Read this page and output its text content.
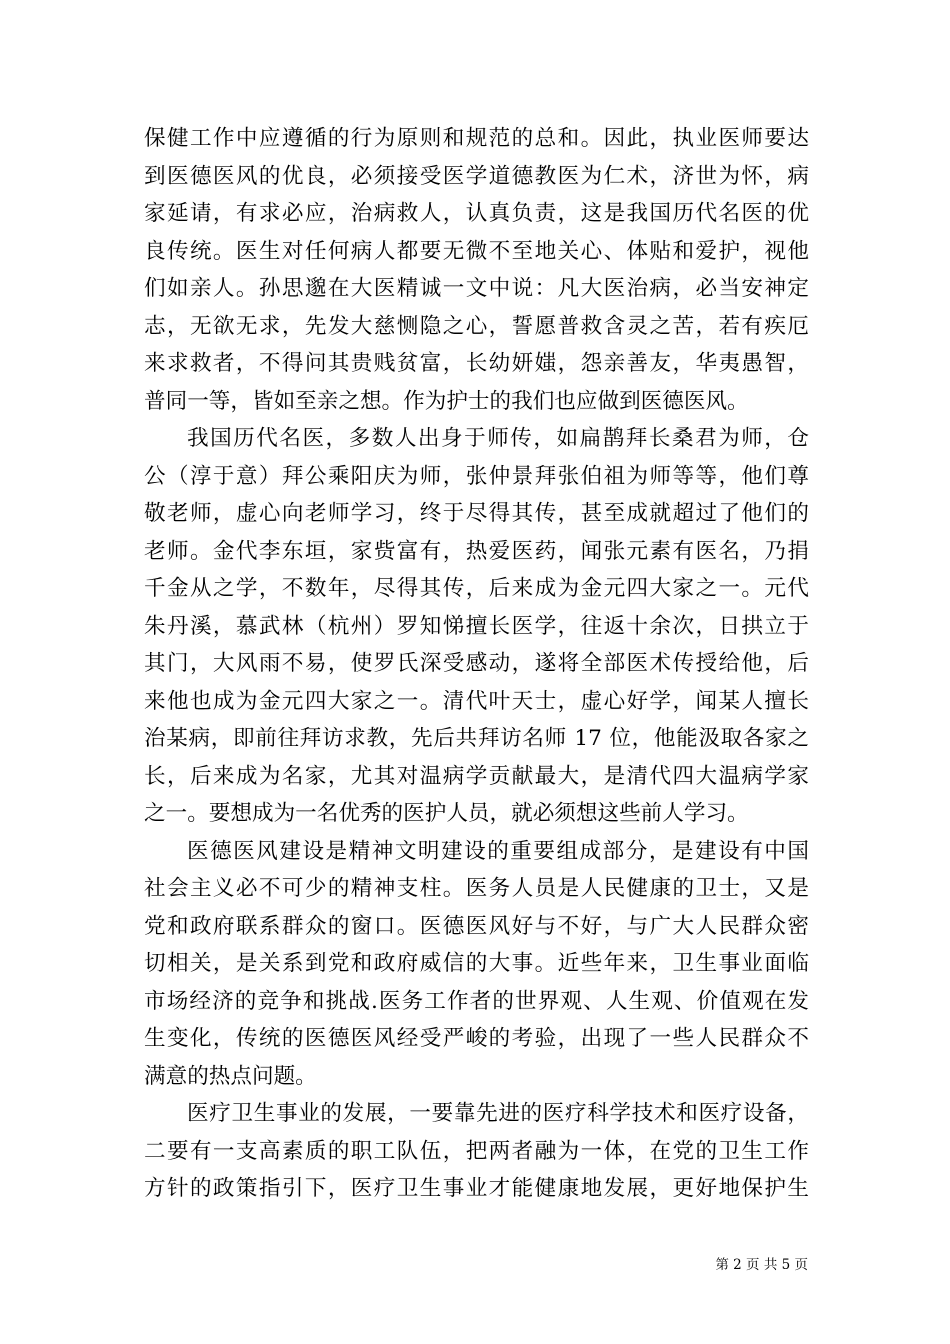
保健工作中应遵循的行为原则和规范的总和。因此，执业医师要达
到医德医风的优良，必须接受医学道德教医为仁术，济世为怀，病
家延请，有求必应，治病救人，认真负责，这是我国历代名医的优
良传统。医生对任何病人都要无微不至地关心、体贴和爱护，视他
们如亲人。孙思邈在大医精诚一文中说：凡大医治病，必当安神定
志，无欲无求，先发大慈恻隐之心，誓愿普救含灵之苦，若有疾厄
来求救者，不得问其贵贱贫富，长幼妍媸，怨亲善友，华夷愚智，
普同一等，皆如至亲之想。作为护士的我们也应做到医德医风。
我国历代名医，多数人出身于师传，如扁鹊拜长桑君为师，仓
公（淳于意）拜公乘阳庆为师，张仲景拜张伯祖为师等等，他们尊
敬老师，虚心向老师学习，终于尽得其传，甚至成就超过了他们的
老师。金代李东垣，家赀富有，热爱医药，闻张元素有医名，乃捐
千金从之学，不数年，尽得其传，后来成为金元四大家之一。元代
朱丹溪，慕武林（杭州）罗知悌擅长医学，往返十余次，日拱立于
其门，大风雨不易，使罗氏深受感动，遂将全部医术传授给他，后
来他也成为金元四大家之一。清代叶天士，虚心好学，闻某人擅长
治某病，即前往拜访求教，先后共拜访名师 17 位，他能汲取各家之
长，后来成为名家，尤其对温病学贡献最大，是清代四大温病学家
之一。要想成为一名优秀的医护人员，就必须想这些前人学习。
医德医风建设是精神文明建设的重要组成部分，是建设有中国
社会主义必不可少的精神支柱。医务人员是人民健康的卫士，又是
党和政府联系群众的窗口。医德医风好与不好，与广大人民群众密
切相关，是关系到党和政府威信的大事。近些年来，卫生事业面临
市场经济的竞争和挑战.医务工作者的世界观、人生观、价值观在发
生变化，传统的医德医风经受严峻的考验，出现了一些人民群众不
满意的热点问题。
医疗卫生事业的发展，一要靠先进的医疗科学技术和医疗设备，
二要有一支高素质的职工队伍，把两者融为一体，在党的卫生工作
方针的政策指引下，医疗卫生事业才能健康地发展，更好地保护生
第 2 页 共 5 页
